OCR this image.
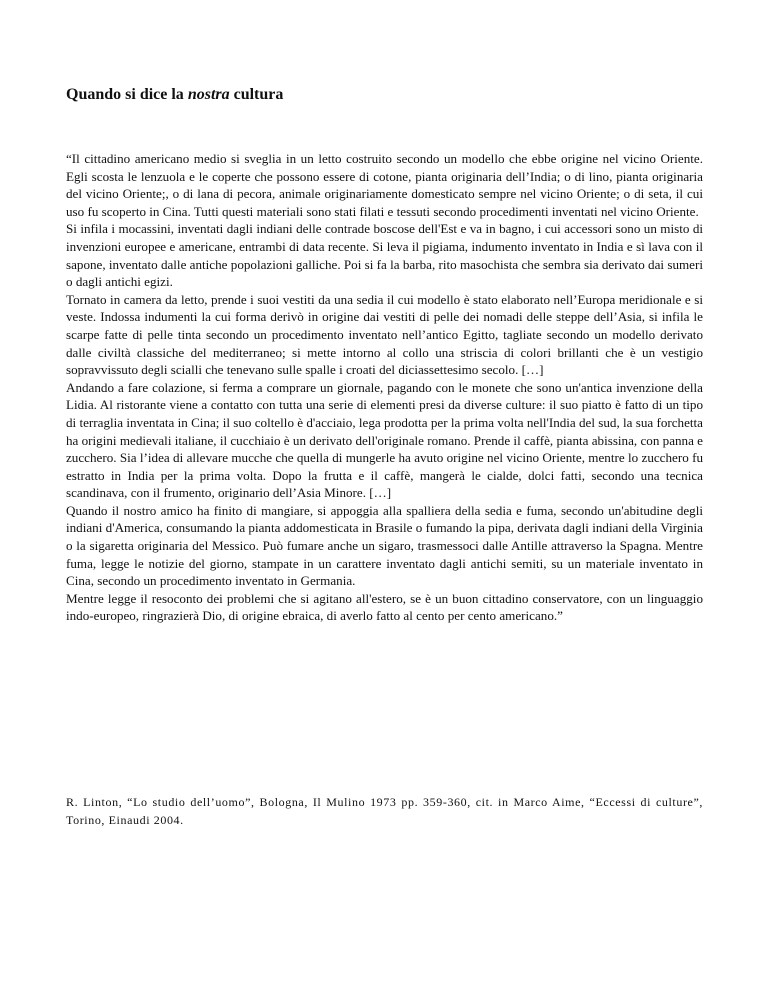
Quando si dice la nostra cultura

“Il cittadino americano medio si sveglia in un letto costruito secondo un modello che ebbe origine nel vicino Oriente. Egli scosta le lenzuola e le coperte che possono essere di cotone, pianta originaria dell’India; o di lino, pianta originaria del vicino Oriente;, o di lana di pecora, animale originariamente domesticato sempre nel vicino Oriente; o di seta, il cui uso fu scoperto in Cina. Tutti questi materiali sono stati filati e tessuti secondo procedimenti inventati nel vicino Oriente.

Si infila i mocassini, inventati dagli indiani delle contrade boscose dell'Est e va in bagno, i cui accessori sono un misto di invenzioni europee e americane, entrambi di data recente. Si leva il pigiama, indumento inventato in India e sì lava con il sapone, inventato dalle antiche popolazioni galliche. Poi si fa la barba, rito masochista che sembra sia derivato dai sumeri o dagli antichi egizi.

Tornato in camera da letto, prende i suoi vestiti da una sedia il cui modello è stato elaborato nell’Europa meridionale e si veste. Indossa indumenti la cui forma derivò in origine dai vestiti di pelle dei nomadi delle steppe dell’Asia, si infila le scarpe fatte di pelle tinta secondo un procedimento inventato nell’antico Egitto, tagliate secondo un modello derivato dalle civiltà classiche del mediterraneo; si mette intorno al collo una striscia di colori brillanti che è un vestigio sopravvissuto degli scialli che tenevano sulle spalle i croati del diciassettesimo secolo. […]

Andando a fare colazione, si ferma a comprare un giornale, pagando con le monete che sono un'antica invenzione della Lidia. Al ristorante viene a contatto con tutta una serie di elementi presi da diverse culture: il suo piatto è fatto di un tipo di terraglia inventata in Cina; il suo coltello è d'acciaio, lega prodotta per la prima volta nell'India del sud, la sua forchetta ha origini medievali italiane, il cucchiaio è un derivato dell'originale romano. Prende il caffè, pianta abissina, con panna e zucchero. Sia l’idea di allevare mucche che quella di mungerle ha avuto origine nel vicino Oriente, mentre lo zucchero fu estratto in India per la prima volta. Dopo la frutta e il caffè, mangerà le cialde, dolci fatti, secondo una tecnica scandinava, con il frumento, originario dell’Asia Minore. […]

Quando il nostro amico ha finito di mangiare, si appoggia alla spalliera della sedia e fuma, secondo un'abitudine degli indiani d'America, consumando la pianta addomesticata in Brasile o fumando la pipa, derivata dagli indiani della Virginia o la sigaretta originaria del Messico. Può fumare anche un sigaro, trasmessoci dalle Antille attraverso la Spagna. Mentre fuma, legge le notizie del giorno, stampate in un carattere inventato dagli antichi semiti, su un materiale inventato in Cina, secondo un procedimento inventato in Germania.

Mentre legge il resoconto dei problemi che si agitano all'estero, se è un buon cittadino conservatore, con un linguaggio indo-europeo, ringrazierà Dio, di origine ebraica, di averlo fatto al cento per cento americano.”

R. Linton, “Lo studio dell’uomo”, Bologna, Il Mulino 1973 pp. 359-360, cit. in Marco Aime, “Eccessi di culture”, Torino, Einaudi 2004.
